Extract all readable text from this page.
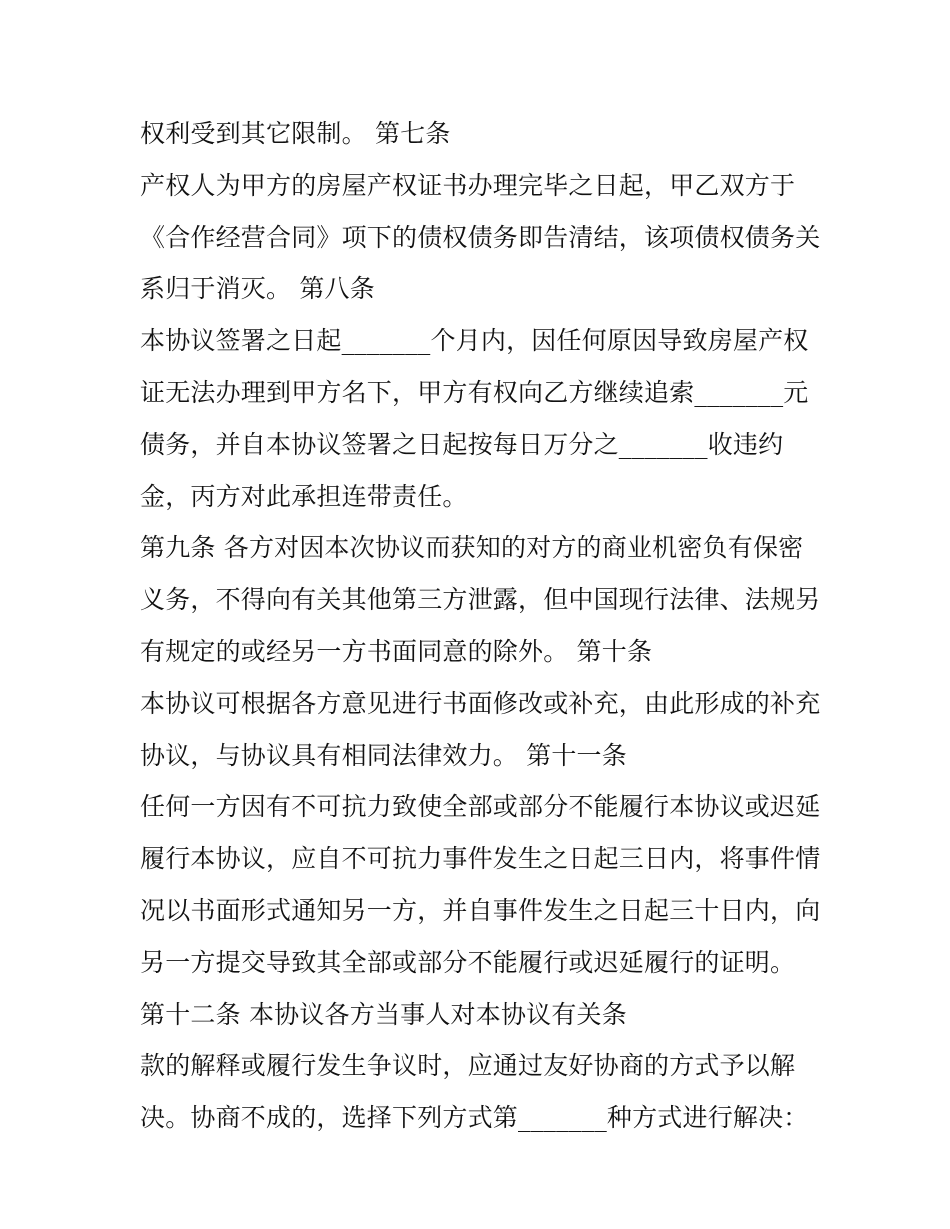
权利受到其它限制。 第七条
产权人为甲方的房屋产权证书办理完毕之日起，甲乙双方于
《合作经营合同》项下的债权债务即告清结，该项债权债务关
系归于消灭。 第八条
本协议签署之日起_______个月内，因任何原因导致房屋产权
证无法办理到甲方名下，甲方有权向乙方继续追索_______元
债务，并自本协议签署之日起按每日万分之_______收违约
金，丙方对此承担连带责任。
第九条 各方对因本次协议而获知的对方的商业机密负有保密
义务，不得向有关其他第三方泄露，但中国现行法律、法规另
有规定的或经另一方书面同意的除外。 第十条
本协议可根据各方意见进行书面修改或补充，由此形成的补充
协议，与协议具有相同法律效力。 第十一条
任何一方因有不可抗力致使全部或部分不能履行本协议或迟延
履行本协议，应自不可抗力事件发生之日起三日内，将事件情
况以书面形式通知另一方，并自事件发生之日起三十日内，向
另一方提交导致其全部或部分不能履行或迟延履行的证明。
第十二条 本协议各方当事人对本协议有关条
款的解释或履行发生争议时，应通过友好协商的方式予以解
决。协商不成的，选择下列方式第_______种方式进行解决：
